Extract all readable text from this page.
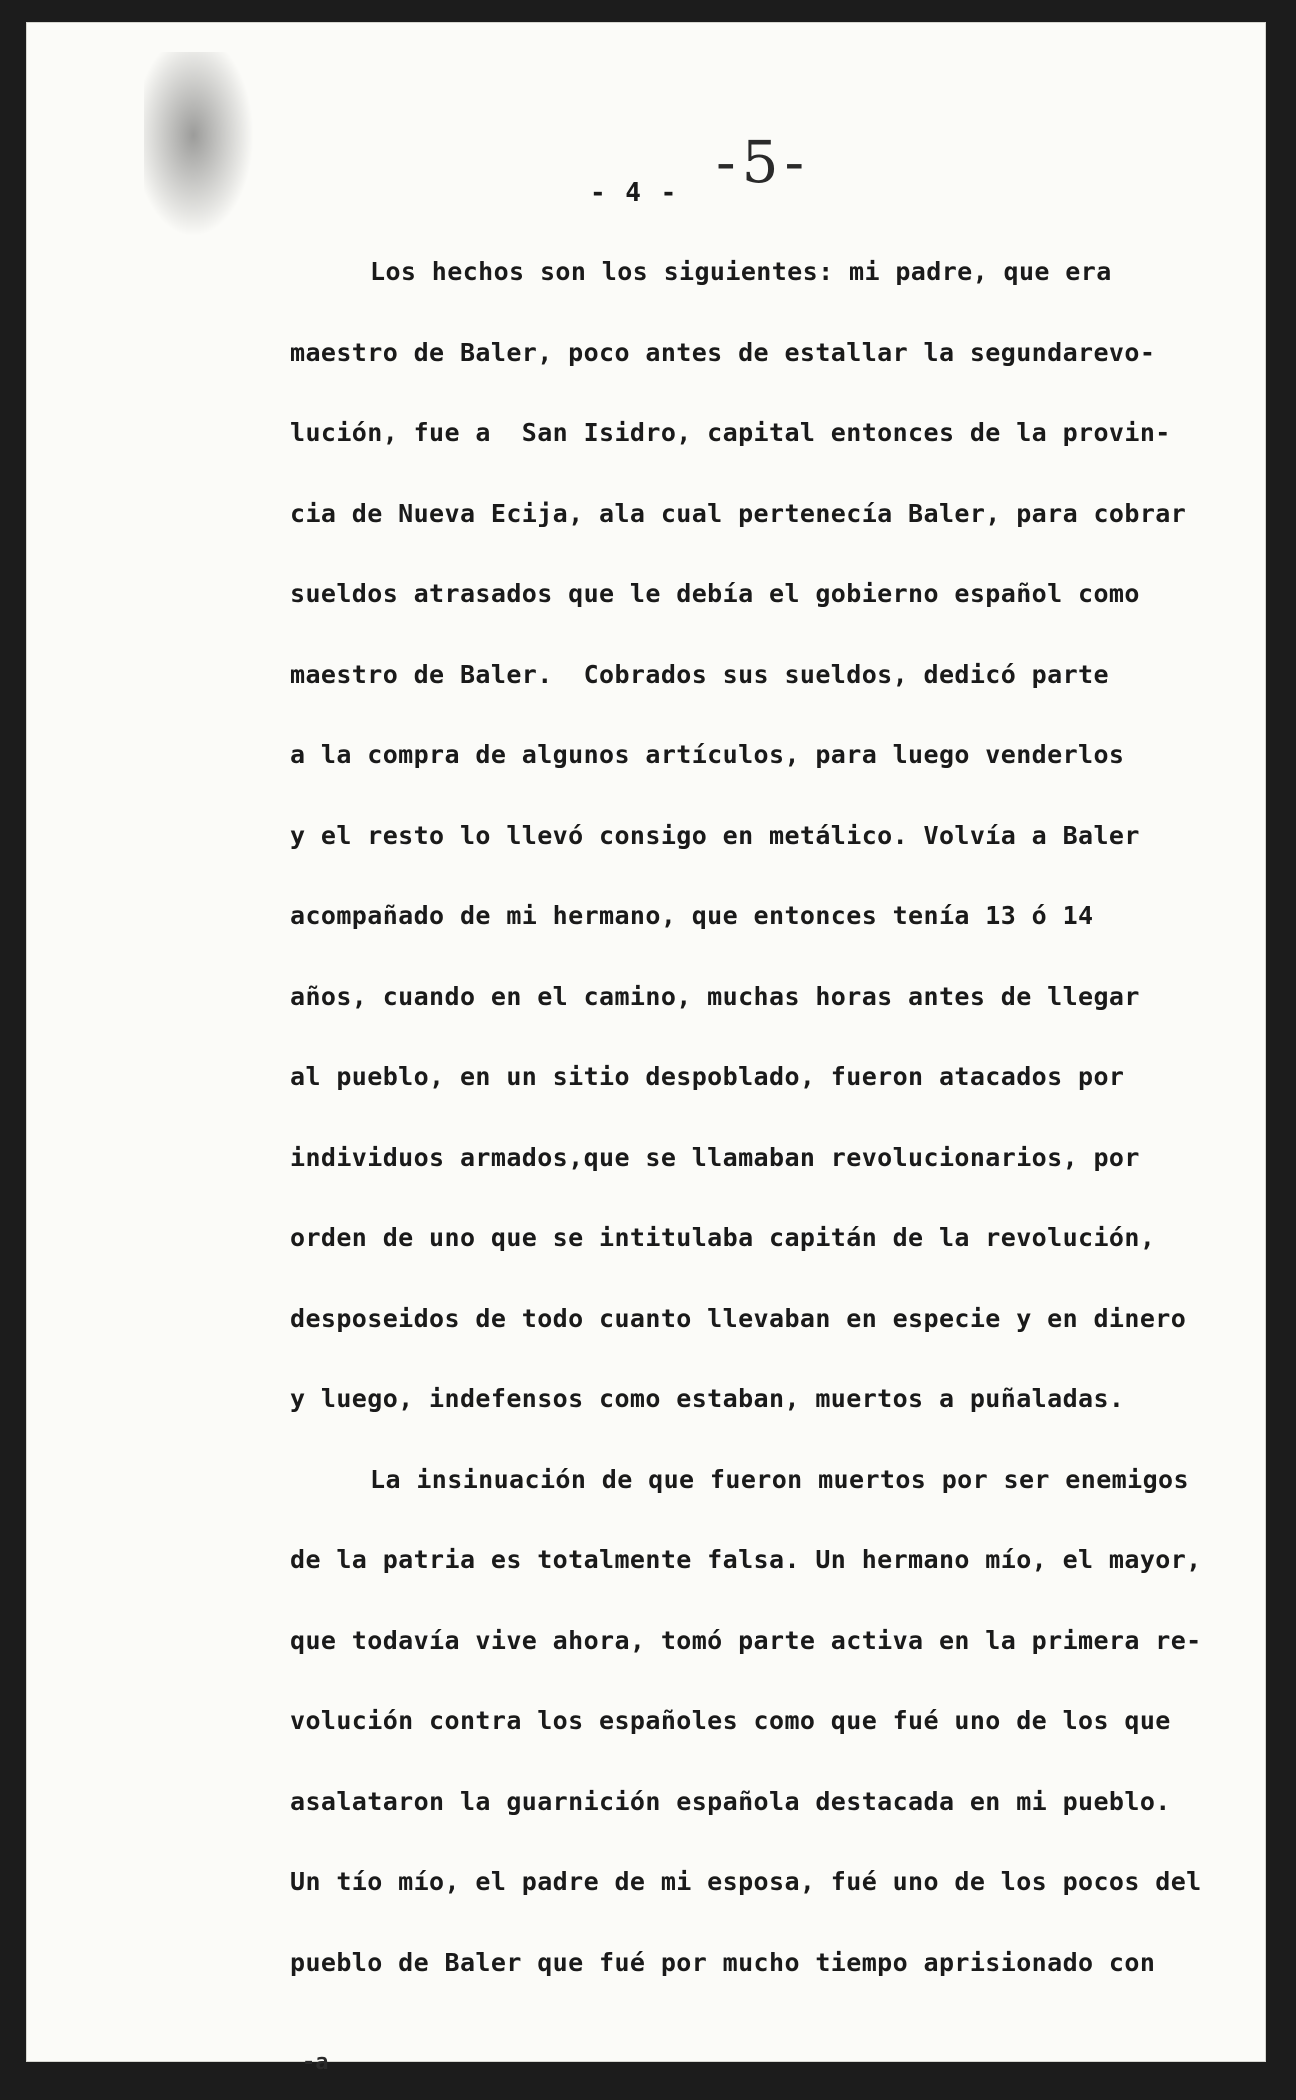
- 4 - -5-
Los hechos son los siguientes: mi padre, que era
maestro de Baler, poco antes de estallar la segundarevo-
lución, fue a  San Isidro, capital entonces de la provin-
cia de Nueva Ecija, ala cual pertenecía Baler, para cobrar
sueldos atrasados que le debía el gobierno español como
maestro de Baler.  Cobrados sus sueldos, dedicó parte
a la compra de algunos artículos, para luego venderlos
y el resto lo llevó consigo en metálico. Volvía a Baler
acompañado de mi hermano, que entonces tenía 13 ó 14
años, cuando en el camino, muchas horas antes de llegar
al pueblo, en un sitio despoblado, fueron atacados por
individuos armados,que se llamaban revolucionarios, por
orden de uno que se intitulaba capitán de la revolución,
desposeidos de todo cuanto llevaban en especie y en dinero
y luego, indefensos como estaban, muertos a puñaladas.
La insinuación de que fueron muertos por ser enemigos
de la patria es totalmente falsa. Un hermano mío, el mayor,
que todavía vive ahora, tomó parte activa en la primera re-
volución contra los españoles como que fué uno de los que
asalataron la guarnición española destacada en mi pueblo.
Un tío mío, el padre de mi esposa, fué uno de los pocos del
pueblo de Baler que fué por mucho tiempo aprisionado con
-a
